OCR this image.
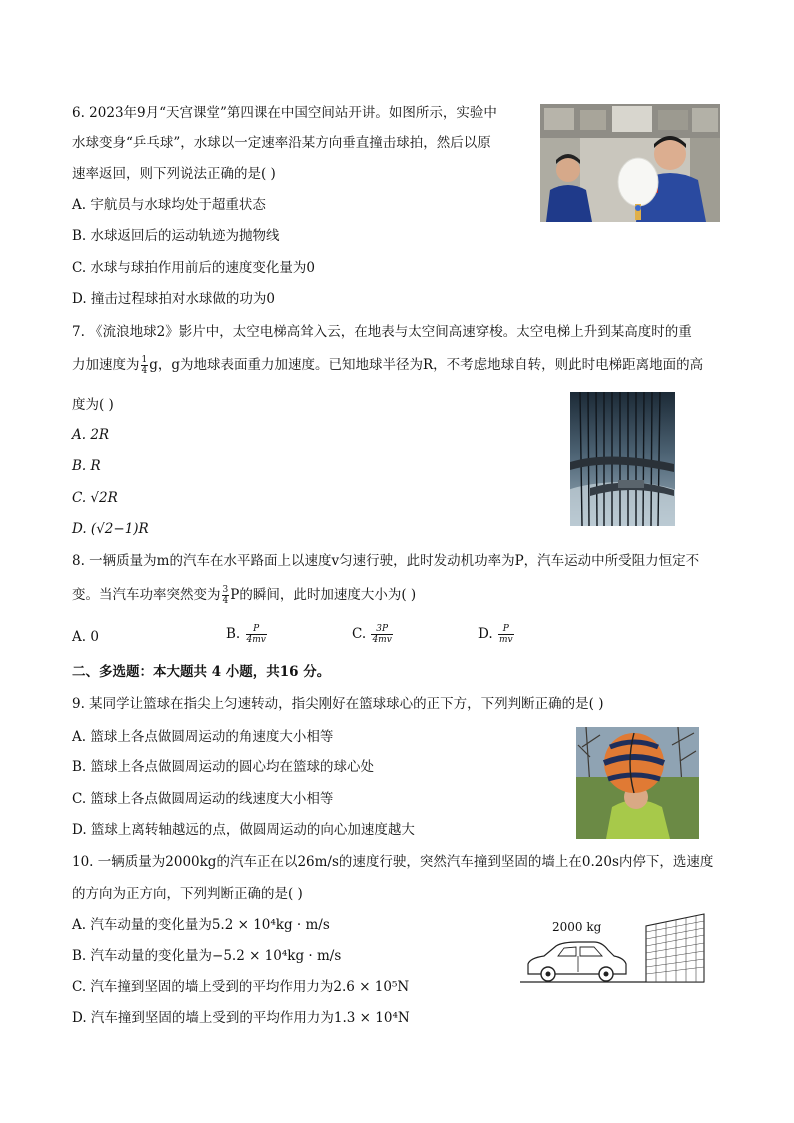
6. 2023年9月“天宫课堂”第四课在中国空间站开讲。如图所示，实验中
水球变身“乒乓球”，水球以一定速率沿某方向垂直撞击球拍，然后以原
速率返回，则下列说法正确的是( )
A. 宇航员与水球均处于超重状态
B. 水球返回后的运动轨迹为抛物线
C. 水球与球拍作用前后的速度变化量为0
D. 撞击过程球拍对水球做的功为0
7. 《流浪地球2》影片中，太空电梯高耸入云，在地表与太空间高速穿梭。太空电梯上升到某高度时的重
力加速度为 $\frac{1}{4}$ g，g为地球表面重力加速度。已知地球半径为R，不考虑地球自转，则此时电梯距离地面的高
度为( )
A. 2R
B. R
C. √2R
D. (√2−1)R
8. 一辆质量为m的汽车在水平路面上以速度v匀速行驶，此时发动机功率为P，汽车运动中所受阻力恒定不
变。当汽车功率突然变为 $\frac{3}{4}$ P的瞬间，此时加速度大小为( )
A. 0	B. $\frac{P}{4mv}$	C. $\frac{3P}{4mv}$	D. $\frac{P}{mv}$
二、多选题：本大题共 4 小题，共16 分。
9. 某同学让篮球在指尖上匀速转动，指尖刚好在篮球球心的正下方，下列判断正确的是( )
A. 篮球上各点做圆周运动的角速度大小相等
B. 篮球上各点做圆周运动的圆心均在篮球的球心处
C. 篮球上各点做圆周运动的线速度大小相等
D. 篮球上离转轴越远的点，做圆周运动的向心加速度越大
10. 一辆质量为2000kg的汽车正在以26m/s的速度行驶，突然汽车撞到坚固的墙上在0.20s内停下，选速度
的方向为正方向，下列判断正确的是( )
A. 汽车动量的变化量为5.2 × 10⁴kg · m/s
B. 汽车动量的变化量为−5.2 × 10⁴kg · m/s
C. 汽车撞到坚固的墙上受到的平均作用力为2.6 × 10⁵N
D. 汽车撞到坚固的墙上受到的平均作用力为1.3 × 10⁴N
2000 kg
